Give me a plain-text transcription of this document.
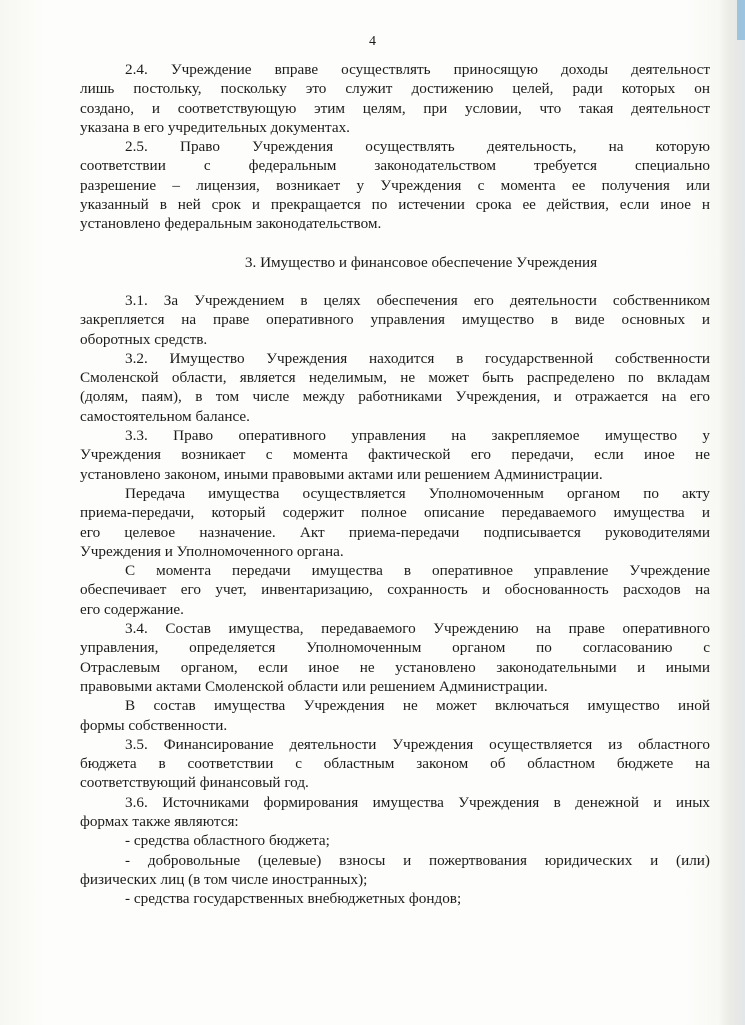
4
2.4. Учреждение вправе осуществлять приносящую доходы деятельност
лишь постольку, поскольку это служит достижению целей, ради которых он
создано, и соответствующую этим целям, при условии, что такая деятельност
указана в его учредительных документах.
2.5. Право Учреждения осуществлять деятельность, на которую
соответствии с федеральным законодательством требуется специально
разрешение – лицензия, возникает у Учреждения с момента ее получения или
указанный в ней срок и прекращается по истечении срока ее действия, если иное н
установлено федеральным законодательством.
3. Имущество и финансовое обеспечение Учреждения
3.1. За Учреждением в целях обеспечения его деятельности собственником
закрепляется на праве оперативного управления имущество в виде основных и
оборотных средств.
3.2. Имущество Учреждения находится в государственной собственности
Смоленской области, является неделимым, не может быть распределено по вкладам
(долям, паям), в том числе между работниками Учреждения, и отражается на его
самостоятельном балансе.
3.3. Право оперативного управления на закрепляемое имущество у
Учреждения возникает с момента фактической его передачи, если иное не
установлено законом, иными правовыми актами или решением Администрации.
Передача имущества осуществляется Уполномоченным органом по акту
приема-передачи, который содержит полное описание передаваемого имущества и
его целевое назначение. Акт приема-передачи подписывается руководителями
Учреждения и Уполномоченного органа.
С момента передачи имущества в оперативное управление Учреждение
обеспечивает его учет, инвентаризацию, сохранность и обоснованность расходов на
его содержание.
3.4. Состав имущества, передаваемого Учреждению на праве оперативного
управления, определяется Уполномоченным органом по согласованию с
Отраслевым органом, если иное не установлено законодательными и иными
правовыми актами Смоленской области или решением Администрации.
В состав имущества Учреждения не может включаться имущество иной
формы собственности.
3.5. Финансирование деятельности Учреждения осуществляется из областного
бюджета в соответствии с областным законом об областном бюджете на
соответствующий финансовый год.
3.6. Источниками формирования имущества Учреждения в денежной и иных
формах также являются:
- средства областного бюджета;
- добровольные (целевые) взносы и пожертвования юридических и (или)
физических лиц (в том числе иностранных);
- средства государственных внебюджетных фондов;
